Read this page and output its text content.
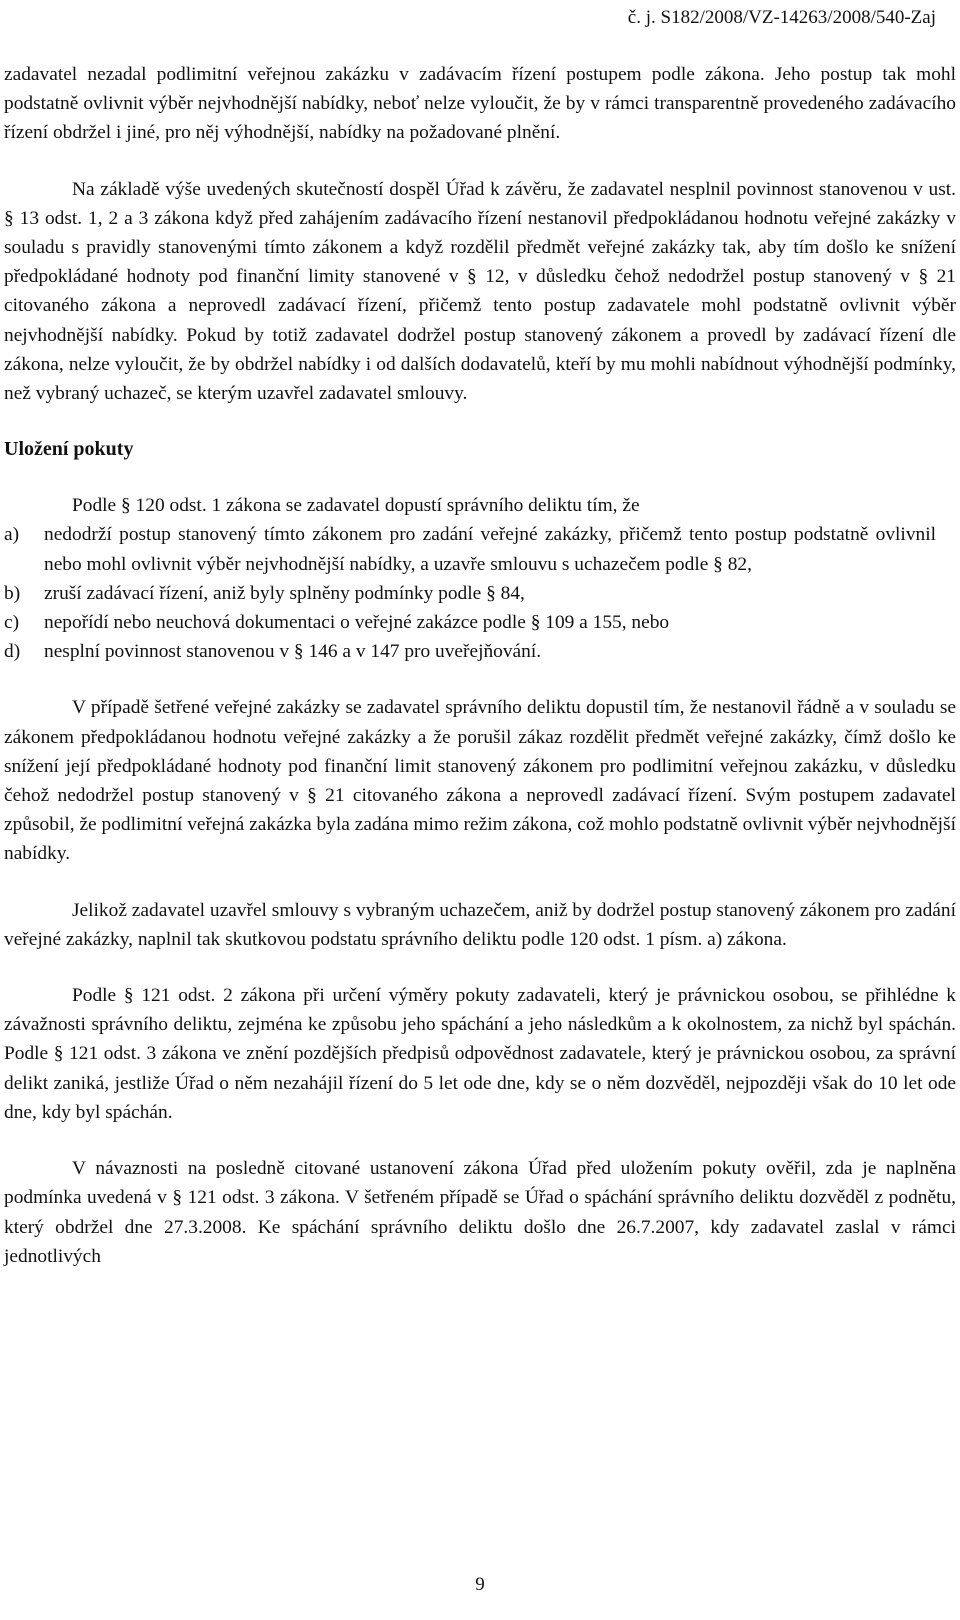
č. j. S182/2008/VZ-14263/2008/540-Zaj

zadavatel nezadal podlimitní veřejnou zakázku v zadávacím řízení postupem podle zákona. Jeho postup tak mohl podstatně ovlivnit výběr nejvhodnější nabídky, neboť nelze vyloučit, že by v rámci transparentně provedeného zadávacího řízení obdržel i jiné, pro něj výhodnější, nabídky na požadované plnění.

Na základě výše uvedených skutečností dospěl Úřad k závěru, že zadavatel nesplnil povinnost stanovenou v ust. § 13 odst. 1, 2 a 3 zákona když před zahájením zadávacího řízení nestanovil předpokládanou hodnotu veřejné zakázky v souladu s pravidly stanovenými tímto zákonem a když rozdělil předmět veřejné zakázky tak, aby tím došlo ke snížení předpokládané hodnoty pod finanční limity stanovené v § 12, v důsledku čehož nedodržel postup stanovený v § 21 citovaného zákona a neprovedl zadávací řízení, přičemž tento postup zadavatele mohl podstatně ovlivnit výběr nejvhodnější nabídky. Pokud by totiž zadavatel dodržel postup stanovený zákonem a provedl by zadávací řízení dle zákona, nelze vyloučit, že by obdržel nabídky i od dalších dodavatelů, kteří by mu mohli nabídnout výhodnější podmínky, než vybraný uchazeč, se kterým uzavřel zadavatel smlouvy.

Uložení pokuty

Podle § 120 odst. 1 zákona se zadavatel dopustí správního deliktu tím, že

a)	nedodrží postup stanovený tímto zákonem pro zadání veřejné zakázky, přičemž tento postup podstatně ovlivnil nebo mohl ovlivnit výběr nejvhodnější nabídky, a uzavře smlouvu s uchazečem podle § 82,
b)	zruší zadávací řízení, aniž byly splněny podmínky podle § 84,
c)	nepořídí nebo neuchová dokumentaci o veřejné zakázce podle § 109 a 155, nebo
d)	nesplní povinnost stanovenou v § 146 a v 147 pro uveřejňování.

V případě šetřené veřejné zakázky se zadavatel správního deliktu dopustil tím, že nestanovil řádně a v souladu se zákonem předpokládanou hodnotu veřejné zakázky a že porušil zákaz rozdělit předmět veřejné zakázky, čímž došlo ke snížení její předpokládané hodnoty pod finanční limit stanovený zákonem pro podlimitní veřejnou zakázku, v důsledku čehož nedodržel postup stanovený v § 21 citovaného zákona a neprovedl zadávací řízení. Svým postupem zadavatel způsobil, že podlimitní veřejná zakázka byla zadána mimo režim zákona, což mohlo podstatně ovlivnit výběr nejvhodnější nabídky.

Jelikož zadavatel uzavřel smlouvy s vybraným uchazečem, aniž by dodržel postup stanovený zákonem pro zadání veřejné zakázky, naplnil tak skutkovou podstatu správního deliktu podle 120 odst. 1 písm. a) zákona.

Podle § 121 odst. 2 zákona při určení výměry pokuty zadavateli, který je právnickou osobou, se přihlédne k závažnosti správního deliktu, zejména ke způsobu jeho spáchání a jeho následkům a k okolnostem, za nichž byl spáchán. Podle § 121 odst. 3 zákona ve znění pozdějších předpisů odpovědnost zadavatele, který je právnickou osobou, za správní delikt zaniká, jestliže Úřad o něm nezahájil řízení do 5 let ode dne, kdy se o něm dozvěděl, nejpozději však do 10 let ode dne, kdy byl spáchán.

V návaznosti na posledně citované ustanovení zákona Úřad před uložením pokuty ověřil, zda je naplněna podmínka uvedená v § 121 odst. 3 zákona. V šetřeném případě se Úřad o spáchání správního deliktu dozvěděl z podnětu, který obdržel dne 27.3.2008. Ke spáchání správního deliktu došlo dne 26.7.2007, kdy zadavatel zaslal v rámci jednotlivých

9
